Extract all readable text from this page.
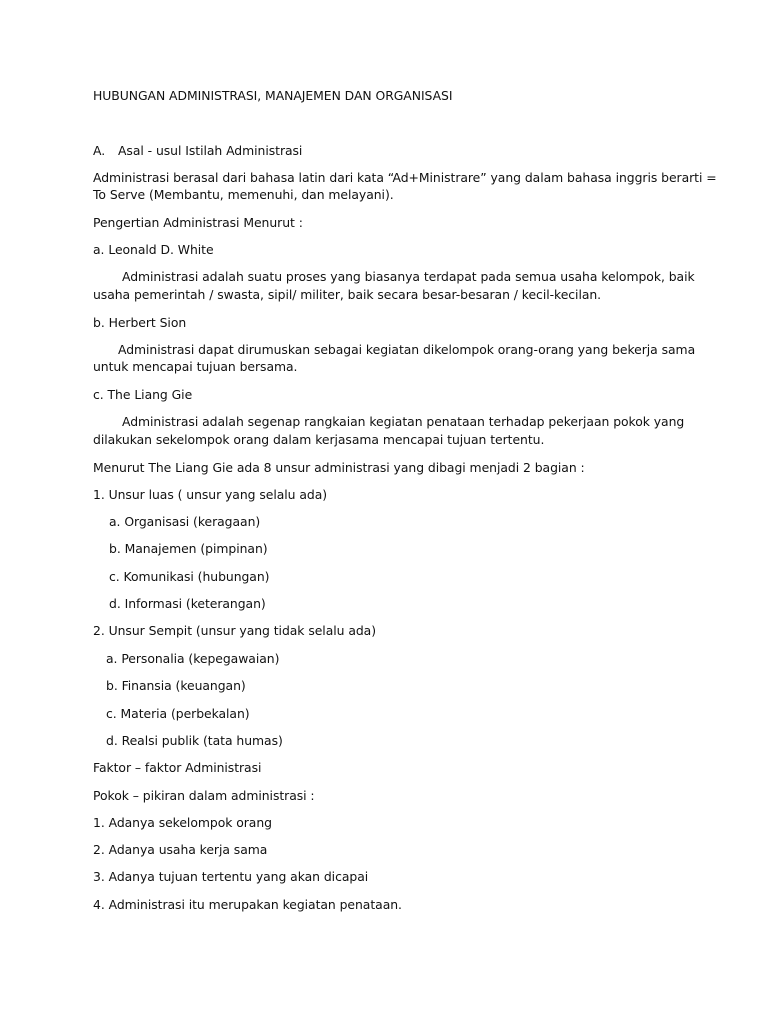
HUBUNGAN ADMINISTRASI, MANAJEMEN DAN ORGANISASI
A. Asal - usul Istilah Administrasi
Administrasi berasal dari bahasa latin dari kata “Ad+Ministrare” yang dalam bahasa inggris berarti =
To Serve (Membantu, memenuhi, dan melayani).
Pengertian Administrasi Menurut :
a. Leonald D. White
Administrasi adalah suatu proses yang biasanya terdapat pada semua usaha kelompok, baik
usaha pemerintah / swasta, sipil/ militer, baik secara besar-besaran / kecil-kecilan.
b. Herbert Sion
Administrasi dapat dirumuskan sebagai kegiatan dikelompok orang-orang yang bekerja sama
untuk mencapai tujuan bersama.
c. The Liang Gie
Administrasi adalah segenap rangkaian kegiatan penataan terhadap pekerjaan pokok yang
dilakukan sekelompok orang dalam kerjasama mencapai tujuan tertentu.
Menurut The Liang Gie ada 8 unsur administrasi yang dibagi menjadi 2 bagian :
1. Unsur luas ( unsur yang selalu ada)
a. Organisasi (keragaan)
b. Manajemen (pimpinan)
c. Komunikasi (hubungan)
d. Informasi (keterangan)
2. Unsur Sempit (unsur yang tidak selalu ada)
a. Personalia (kepegawaian)
b. Finansia (keuangan)
c. Materia (perbekalan)
d. Realsi publik (tata humas)
Faktor – faktor Administrasi
Pokok – pikiran dalam administrasi :
1. Adanya sekelompok orang
2. Adanya usaha kerja sama
3. Adanya tujuan tertentu yang akan dicapai
4. Administrasi itu merupakan kegiatan penataan.
